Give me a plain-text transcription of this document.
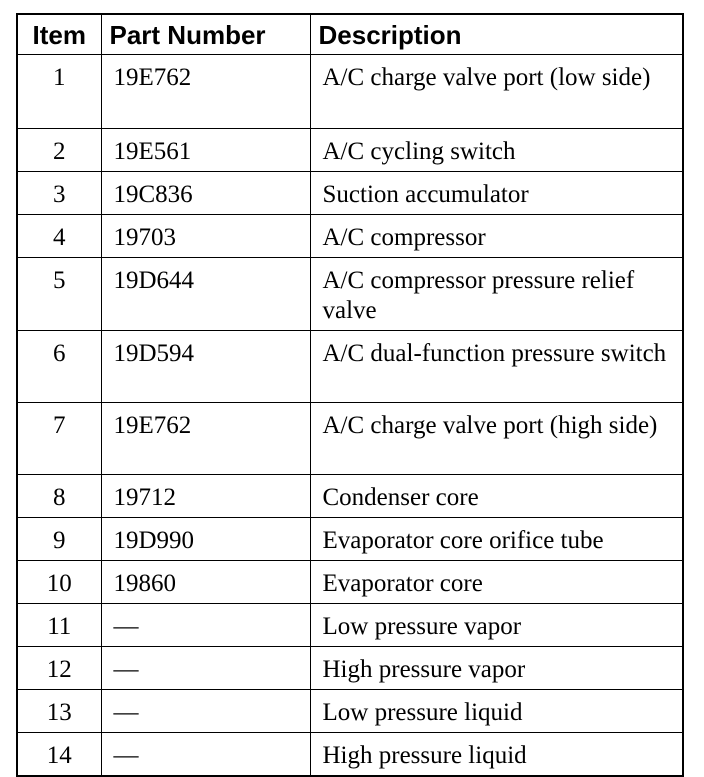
Item	Part Number	Description
1	19E762	A/C charge valve port (low side)
2	19E561	A/C cycling switch
3	19C836	Suction accumulator
4	19703	A/C compressor
5	19D644	A/C compressor pressure relief valve
6	19D594	A/C dual-function pressure switch
7	19E762	A/C charge valve port (high side)
8	19712	Condenser core
9	19D990	Evaporator core orifice tube
10	19860	Evaporator core
11	—	Low pressure vapor
12	—	High pressure vapor
13	—	Low pressure liquid
14	—	High pressure liquid
